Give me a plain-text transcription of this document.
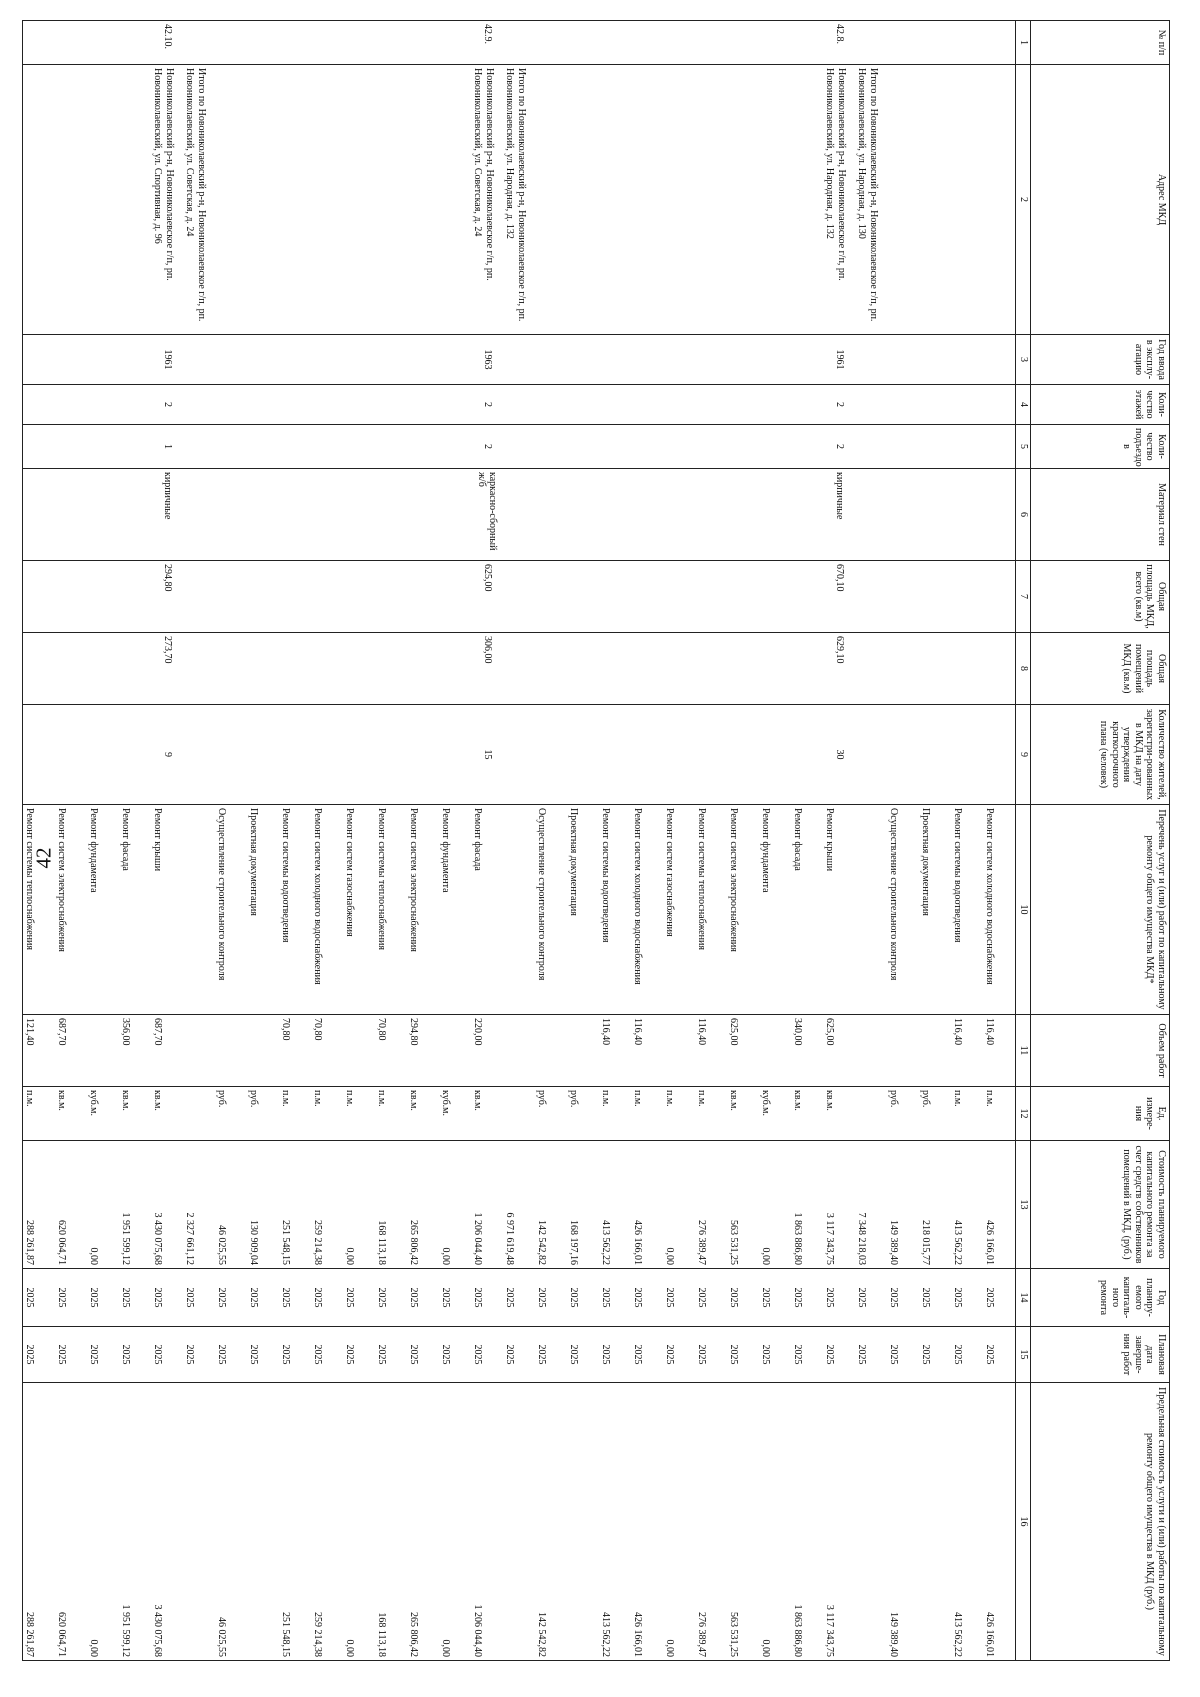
42
№ п/п	Адрес МКД	Год ввода в эксплу-атацию	Коли-чество этажей	Коли-чество подъездо в	Материал стен	Общая площадь МКД, всего (кв.м)	Общая площадь помещений МКД (кв.м)	Количество жителей, зарегистри-рованных в МКД на дату утверждения краткосрочного плана (человек)	Перечень услуг и (или) работ по капитальному ремонту общего имущества МКД*	Объем работ	Ед. измере-ния	Стоимость планируемого капитального ремонта за счет средств собственников помещений в МКД, (руб.)	Год планиру-емого капиталь-ного ремонта	Плановая дата заверше-ния работ	Предельная стоимость услуги и (или) работы по капитальному ремонту общего имущества в МКД (руб.)
1	2	3	4	5	6	7	8	9	10	11	12	13	14	15	16
									Ремонт систем холодного водоснабжения	116,40	п.м.	426 166,01	2025	2025	426 166,01
									Ремонт системы водоотведения	116,40	п.м.	413 562,22	2025	2025	413 562,22
									Проектная документация		руб.	218 015,77	2025	2025	
									Осуществление строительного контроля		руб.	149 389,40	2025	2025	149 389,40
	Итого по Новониколаевский р-н, Новониколаевское г/п, рп. Новониколаевский, ул. Народная, д. 130											7 348 218,03	2025	2025	
42.8.	Новониколаевский р-н, Новониколаевское г/п, рп. Новониколаевский, ул. Народная, д. 132	1961	2	2	кирпичные	670,10	629,10	30	Ремонт крыши	625,00	кв.м.	3 117 343,75	2025	2025	3 117 343,75
									Ремонт фасада	340,00	кв.м.	1 863 886,80	2025	2025	1 863 886,80
									Ремонт фундамента		куб.м.	0,00	2025	2025	0,00
									Ремонт систем электроснабжения	625,00	кв.м.	563 531,25	2025	2025	563 531,25
									Ремонт системы теплоснабжения	116,40	п.м.	276 389,47	2025	2025	276 389,47
									Ремонт систем газоснабжения		п.м.	0,00	2025	2025	0,00
									Ремонт систем холодного водоснабжения	116,40	п.м.	426 166,01	2025	2025	426 166,01
									Ремонт системы водоотведения	116,40	п.м.	413 562,22	2025	2025	413 562,22
									Проектная документация		руб.	168 197,16	2025	2025	
									Осуществление строительного контроля		руб.	142 542,82	2025	2025	142 542,82
	Итого по Новониколаевский р-н, Новониколаевское г/п, рп. Новониколаевский, ул. Народная, д. 132											6 971 619,48	2025	2025	
42.9.	Новониколаевский р-н, Новониколаевское г/п, рп. Новониколаевский, ул. Советская, д. 24	1963	2	2	каркасно-сборный ж/б	625,00	306,00	15	Ремонт фасада	220,00	кв.м.	1 206 044,40	2025	2025	1 206 044,40
									Ремонт фундамента		куб.м.	0,00	2025	2025	0,00
									Ремонт систем электроснабжения	294,80	кв.м.	265 806,42	2025	2025	265 806,42
									Ремонт системы теплоснабжения	70,80	п.м.	168 113,18	2025	2025	168 113,18
									Ремонт систем газоснабжения		п.м.	0,00	2025	2025	0,00
									Ремонт систем холодного водоснабжения	70,80	п.м.	259 214,38	2025	2025	259 214,38
									Ремонт системы водоотведения	70,80	п.м.	251 548,15	2025	2025	251 548,15
									Проектная документация		руб.	130 909,04	2025	2025	
									Осуществление строительного контроля		руб.	46 025,55	2025	2025	46 025,55
	Итого по Новониколаевский р-н, Новониколаевское г/п, рп. Новониколаевский, ул. Советская, д. 24											2 327 661,12	2025	2025	
42.10.	Новониколаевский р-н, Новониколаевское г/п, рп. Новониколаевский, ул. Спортивная, д. 96	1961	2	1	кирпичные	294,80	273,70	9	Ремонт крыши	687,70	кв.м.	3 430 075,68	2025	2025	3 430 075,68
									Ремонт фасада	356,00	кв.м.	1 951 599,12	2025	2025	1 951 599,12
									Ремонт фундамента		куб.м.	0,00	2025	2025	0,00
									Ремонт систем электроснабжения	687,70	кв.м.	620 064,71	2025	2025	620 064,71
									Ремонт системы теплоснабжения	121,40	п.м.	288 261,87	2025	2025	288 261,87
